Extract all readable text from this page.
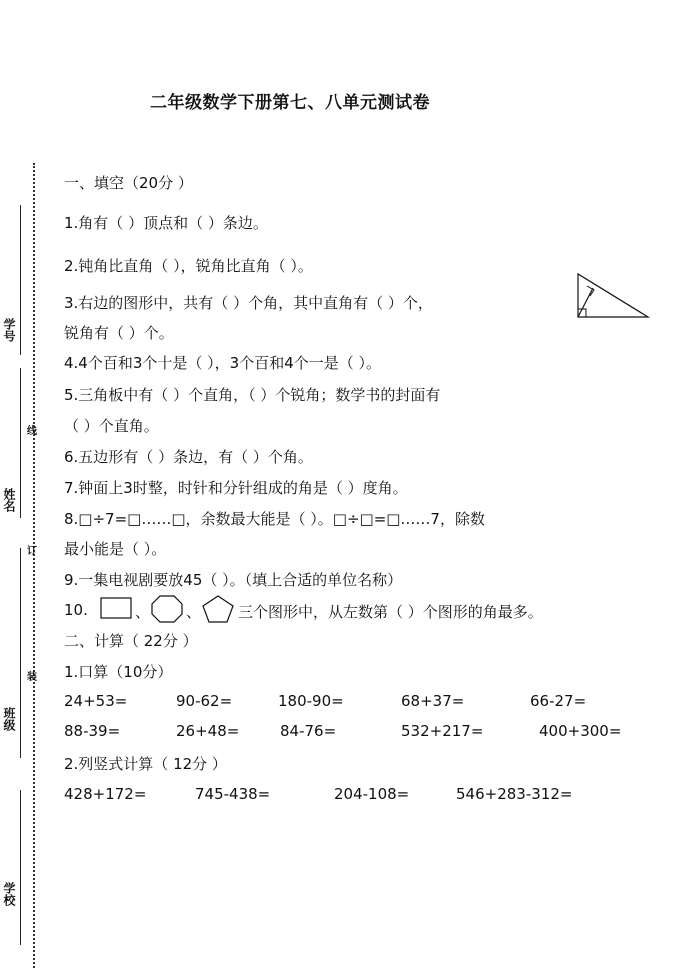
学号
姓名
班级
学校
线
订
装
二年级数学下册第七、八单元测试卷
一、填空（20分 ）
1.角有（ ）顶点和（ ）条边。
2.钝角比直角（ ），锐角比直角（ ）。
3.右边的图形中，共有（ ）个角，其中直角有（ ）个，
锐角有（ ）个。
4.4个百和3个十是（ ），3个百和4个一是（ ）。
5.三角板中有（ ）个直角，（ ）个锐角；数学书的封面有
（ ）个直角。
6.五边形有（ ）条边，有（ ）个角。
7.钟面上3时整，时针和分针组成的角是（ ）度角。
8.□÷7=□……□，余数最大能是（ ）。□÷□=□……7，除数
最小能是（ ）。
9.一集电视剧要放45（ ）。（填上合适的单位名称）
10.	、 、 三个图形中，从左数第（ ）个图形的角最多。
二、计算（ 22分 ）
1.口算（10分）
24+53=	90-62=	180-90=	68+37=	66-27=
88-39=	26+48=	84-76=	532+217=	400+300=
2.列竖式计算（ 12分 ）
428+172=	745-438=	204-108=	546+283-312=
